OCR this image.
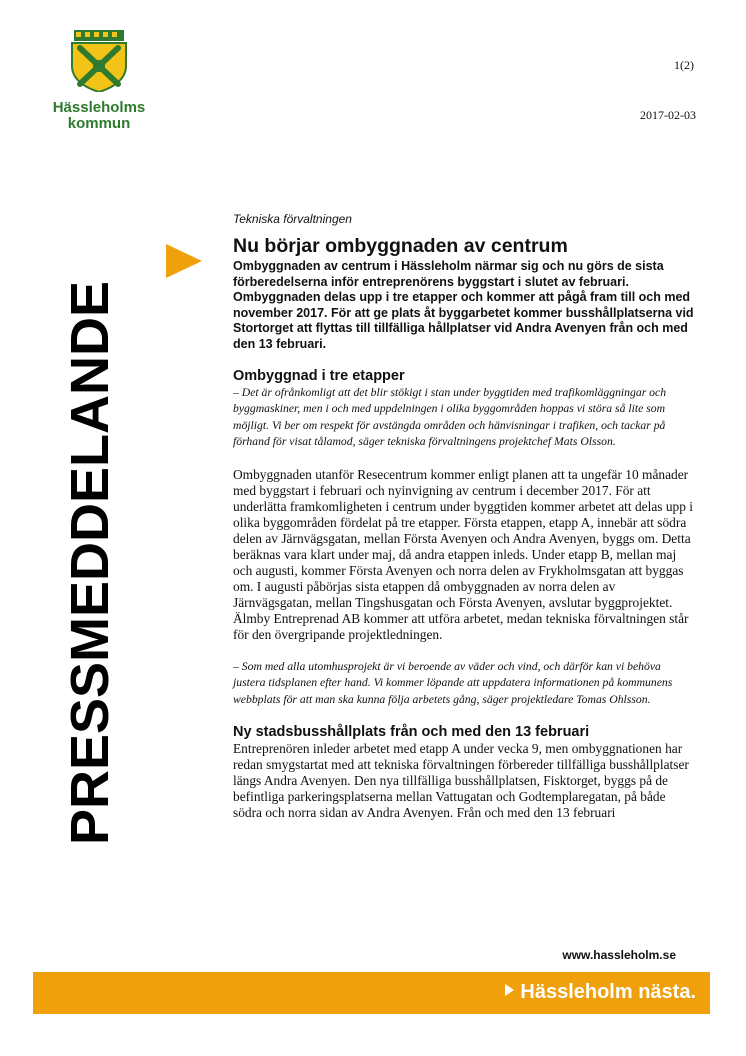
Hässleholms
kommun
1(2)
2017-02-03
PRESSMEDDELANDE

Tekniska förvaltningen

Nu börjar ombyggnaden av centrum

Ombyggnaden av centrum i Hässleholm närmar sig och nu görs de sista förberedelserna inför entreprenörens byggstart i slutet av februari. Ombyggnaden delas upp i tre etapper och kommer att pågå fram till och med november 2017. För att ge plats åt byggarbetet kommer busshållplatserna vid Stortorget att flyttas till tillfälliga hållplatser vid Andra Avenyen från och med den 13 februari.

Ombyggnad i tre etapper

– Det är ofrånkomligt att det blir stökigt i stan under byggtiden med trafikomläggningar och byggmaskiner, men i och med uppdelningen i olika byggområden hoppas vi störa så lite som möjligt. Vi ber om respekt för avstängda områden och hänvisningar i trafiken, och tackar på förhand för visat tålamod, säger tekniska förvaltningens projektchef Mats Olsson.

Ombyggnaden utanför Resecentrum kommer enligt planen att ta ungefär 10 månader med byggstart i februari och nyinvigning av centrum i december 2017. För att underlätta framkomligheten i centrum under byggtiden kommer arbetet att delas upp i olika byggområden fördelat på tre etapper. Första etappen, etapp A, innebär att södra delen av Järnvägsgatan, mellan Första Avenyen och Andra Avenyen, byggs om. Detta beräknas vara klart under maj, då andra etappen inleds. Under etapp B, mellan maj och augusti, kommer Första Avenyen och norra delen av Frykholmsgatan att byggas om. I augusti påbörjas sista etappen då ombyggnaden av norra delen av Järnvägsgatan, mellan Tingshusgatan och Första Avenyen, avslutar byggprojektet. Älmby Entreprenad AB kommer att utföra arbetet, medan tekniska förvaltningen står för den övergripande projektledningen.

– Som med alla utomhusprojekt är vi beroende av väder och vind, och därför kan vi behöva justera tidsplanen efter hand. Vi kommer löpande att uppdatera informationen på kommunens webbplats för att man ska kunna följa arbetets gång, säger projektledare Tomas Ohlsson.

Ny stadsbusshållplats från och med den 13 februari

Entreprenören inleder arbetet med etapp A under vecka 9, men ombyggnationen har redan smygstartat med att tekniska förvaltningen förbereder tillfälliga busshållplatser längs Andra Avenyen. Den nya tillfälliga busshållplatsen, Fisktorget, byggs på de befintliga parkeringsplatserna mellan Vattugatan och Godtemplaregatan, på både södra och norra sidan av Andra Avenyen. Från och med den 13 februari

www.hassleholm.se
Hässleholm nästa.
